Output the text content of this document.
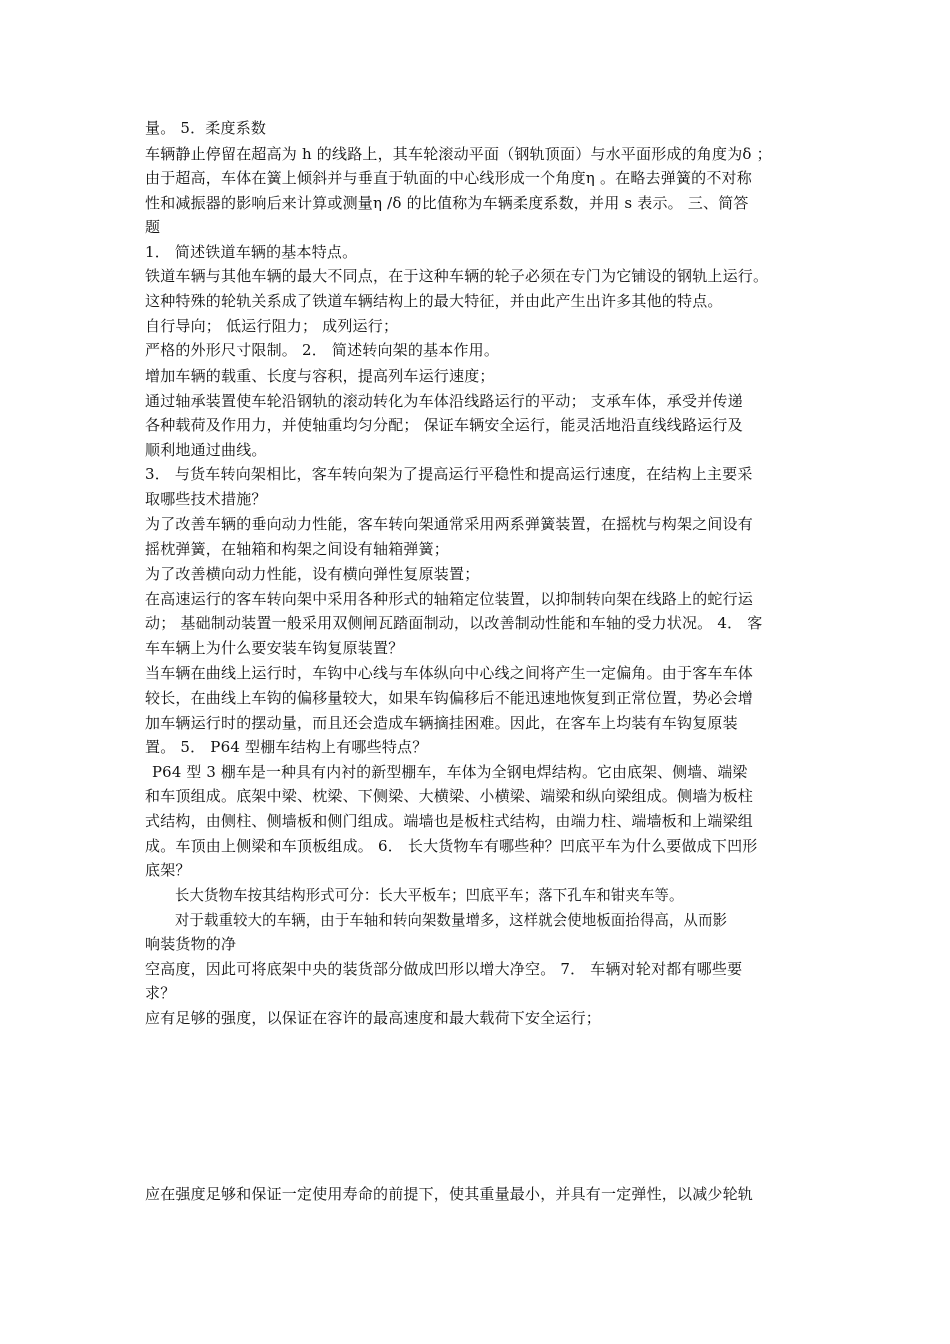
量。 5．柔度系数
车辆静止停留在超高为 h 的线路上，其车轮滚动平面（钢轨顶面）与水平面形成的角度为δ ；
由于超高，车体在簧上倾斜并与垂直于轨面的中心线形成一个角度η 。在略去弹簧的不对称
性和减振器的影响后来计算或测量η /δ 的比值称为车辆柔度系数，并用 s 表示。 三、简答
题
1． 简述铁道车辆的基本特点。
铁道车辆与其他车辆的最大不同点，在于这种车辆的轮子必须在专门为它铺设的钢轨上运行。
这种特殊的轮轨关系成了铁道车辆结构上的最大特征，并由此产生出许多其他的特点。
自行导向； 低运行阻力； 成列运行；
严格的外形尺寸限制。 2． 简述转向架的基本作用。
增加车辆的载重、长度与容积，提高列车运行速度；
通过轴承装置使车轮沿钢轨的滚动转化为车体沿线路运行的平动； 支承车体，承受并传递
各种载荷及作用力，并使轴重均匀分配； 保证车辆安全运行，能灵活地沿直线线路运行及
顺利地通过曲线。
3． 与货车转向架相比，客车转向架为了提高运行平稳性和提高运行速度，在结构上主要采
取哪些技术措施？
为了改善车辆的垂向动力性能，客车转向架通常采用两系弹簧装置，在摇枕与构架之间设有
摇枕弹簧，在轴箱和构架之间设有轴箱弹簧；
为了改善横向动力性能，设有横向弹性复原装置；
在高速运行的客车转向架中采用各种形式的轴箱定位装置，以抑制转向架在线路上的蛇行运
动； 基础制动装置一般采用双侧闸瓦踏面制动，以改善制动性能和车轴的受力状况。 4． 客
车车辆上为什么要安装车钩复原装置？
当车辆在曲线上运行时，车钩中心线与车体纵向中心线之间将产生一定偏角。由于客车车体
较长，在曲线上车钩的偏移量较大，如果车钩偏移后不能迅速地恢复到正常位置，势必会增
加车辆运行时的摆动量，而且还会造成车辆摘挂困难。因此，在客车上均装有车钩复原装
置。 5． P64 型棚车结构上有哪些特点？
P64 型 3 棚车是一种具有内衬的新型棚车，车体为全钢电焊结构。它由底架、侧墙、端梁
和车顶组成。底架中梁、枕梁、下侧梁、大横梁、小横梁、端梁和纵向梁组成。侧墙为板柱
式结构，由侧柱、侧墙板和侧门组成。端墙也是板柱式结构，由端力柱、端墙板和上端梁组
成。车顶由上侧梁和车顶板组成。 6． 长大货物车有哪些种？凹底平车为什么要做成下凹形
底架？
长大货物车按其结构形式可分：长大平板车；凹底平车；落下孔车和钳夹车等。
对于载重较大的车辆，由于车轴和转向架数量增多，这样就会使地板面抬得高，从而影
响装货物的净
空高度，因此可将底架中央的装货部分做成凹形以增大净空。 7． 车辆对轮对都有哪些要
求？
应有足够的强度，以保证在容许的最高速度和最大载荷下安全运行；
应在强度足够和保证一定使用寿命的前提下，使其重量最小，并具有一定弹性，以减少轮轨
